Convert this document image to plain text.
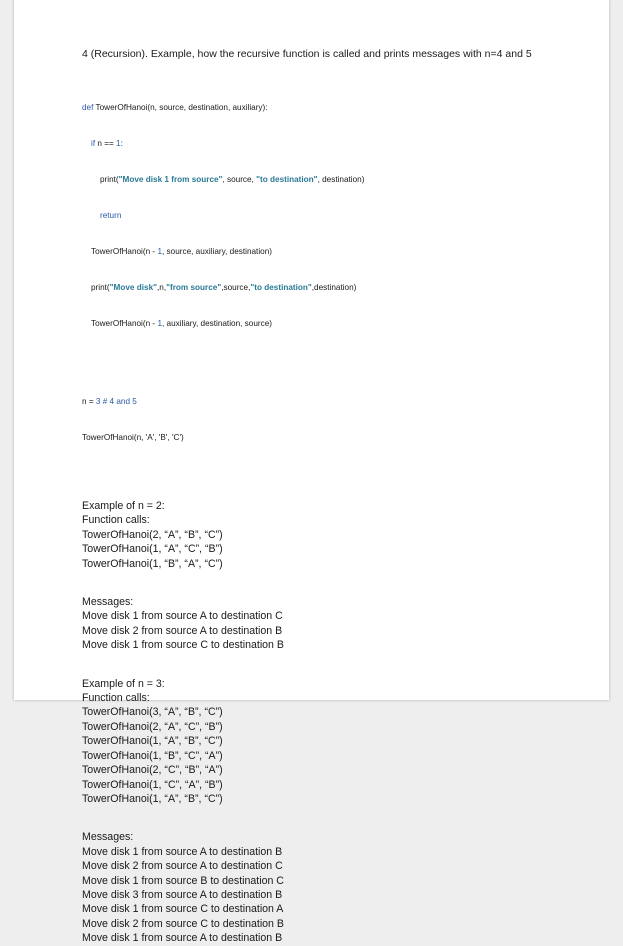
4 (Recursion). Example, how the recursive function is called and prints messages with n=4 and 5

def TowerOfHanoi(n, source, destination, auxiliary):

if n == 1:

print("Move disk 1 from source", source, "to destination", destination)

return

TowerOfHanoi(n - 1, source, auxiliary, destination)

print("Move disk",n,"from source",source,"to destination",destination)

TowerOfHanoi(n - 1, auxiliary, destination, source)

n = 3 # 4 and 5

TowerOfHanoi(n, 'A', 'B', 'C')

Example of n = 2:
Function calls:
TowerOfHanoi(2, “A”, “B”, “C”)
TowerOfHanoi(1, “A”, “C”, “B”)
TowerOfHanoi(1, “B”, “A”, “C”)
Messages:
Move disk 1 from source A to destination C
Move disk 2 from source A to destination B
Move disk 1 from source C to destination B
Example of n = 3:
Function calls:
TowerOfHanoi(3, “A”, “B”, “C”)
TowerOfHanoi(2, “A”, “C”, “B”)
TowerOfHanoi(1, “A”, “B”, “C”)
TowerOfHanoi(1, “B”, “C”, “A”)
TowerOfHanoi(2, “C”, “B”, “A”)
TowerOfHanoi(1, “C”, “A”, “B”)
TowerOfHanoi(1, “A”, “B”, “C”)
Messages:
Move disk 1 from source A to destination B
Move disk 2 from source A to destination C
Move disk 1 from source B to destination C
Move disk 3 from source A to destination B
Move disk 1 from source C to destination A
Move disk 2 from source C to destination B
Move disk 1 from source A to destination B
